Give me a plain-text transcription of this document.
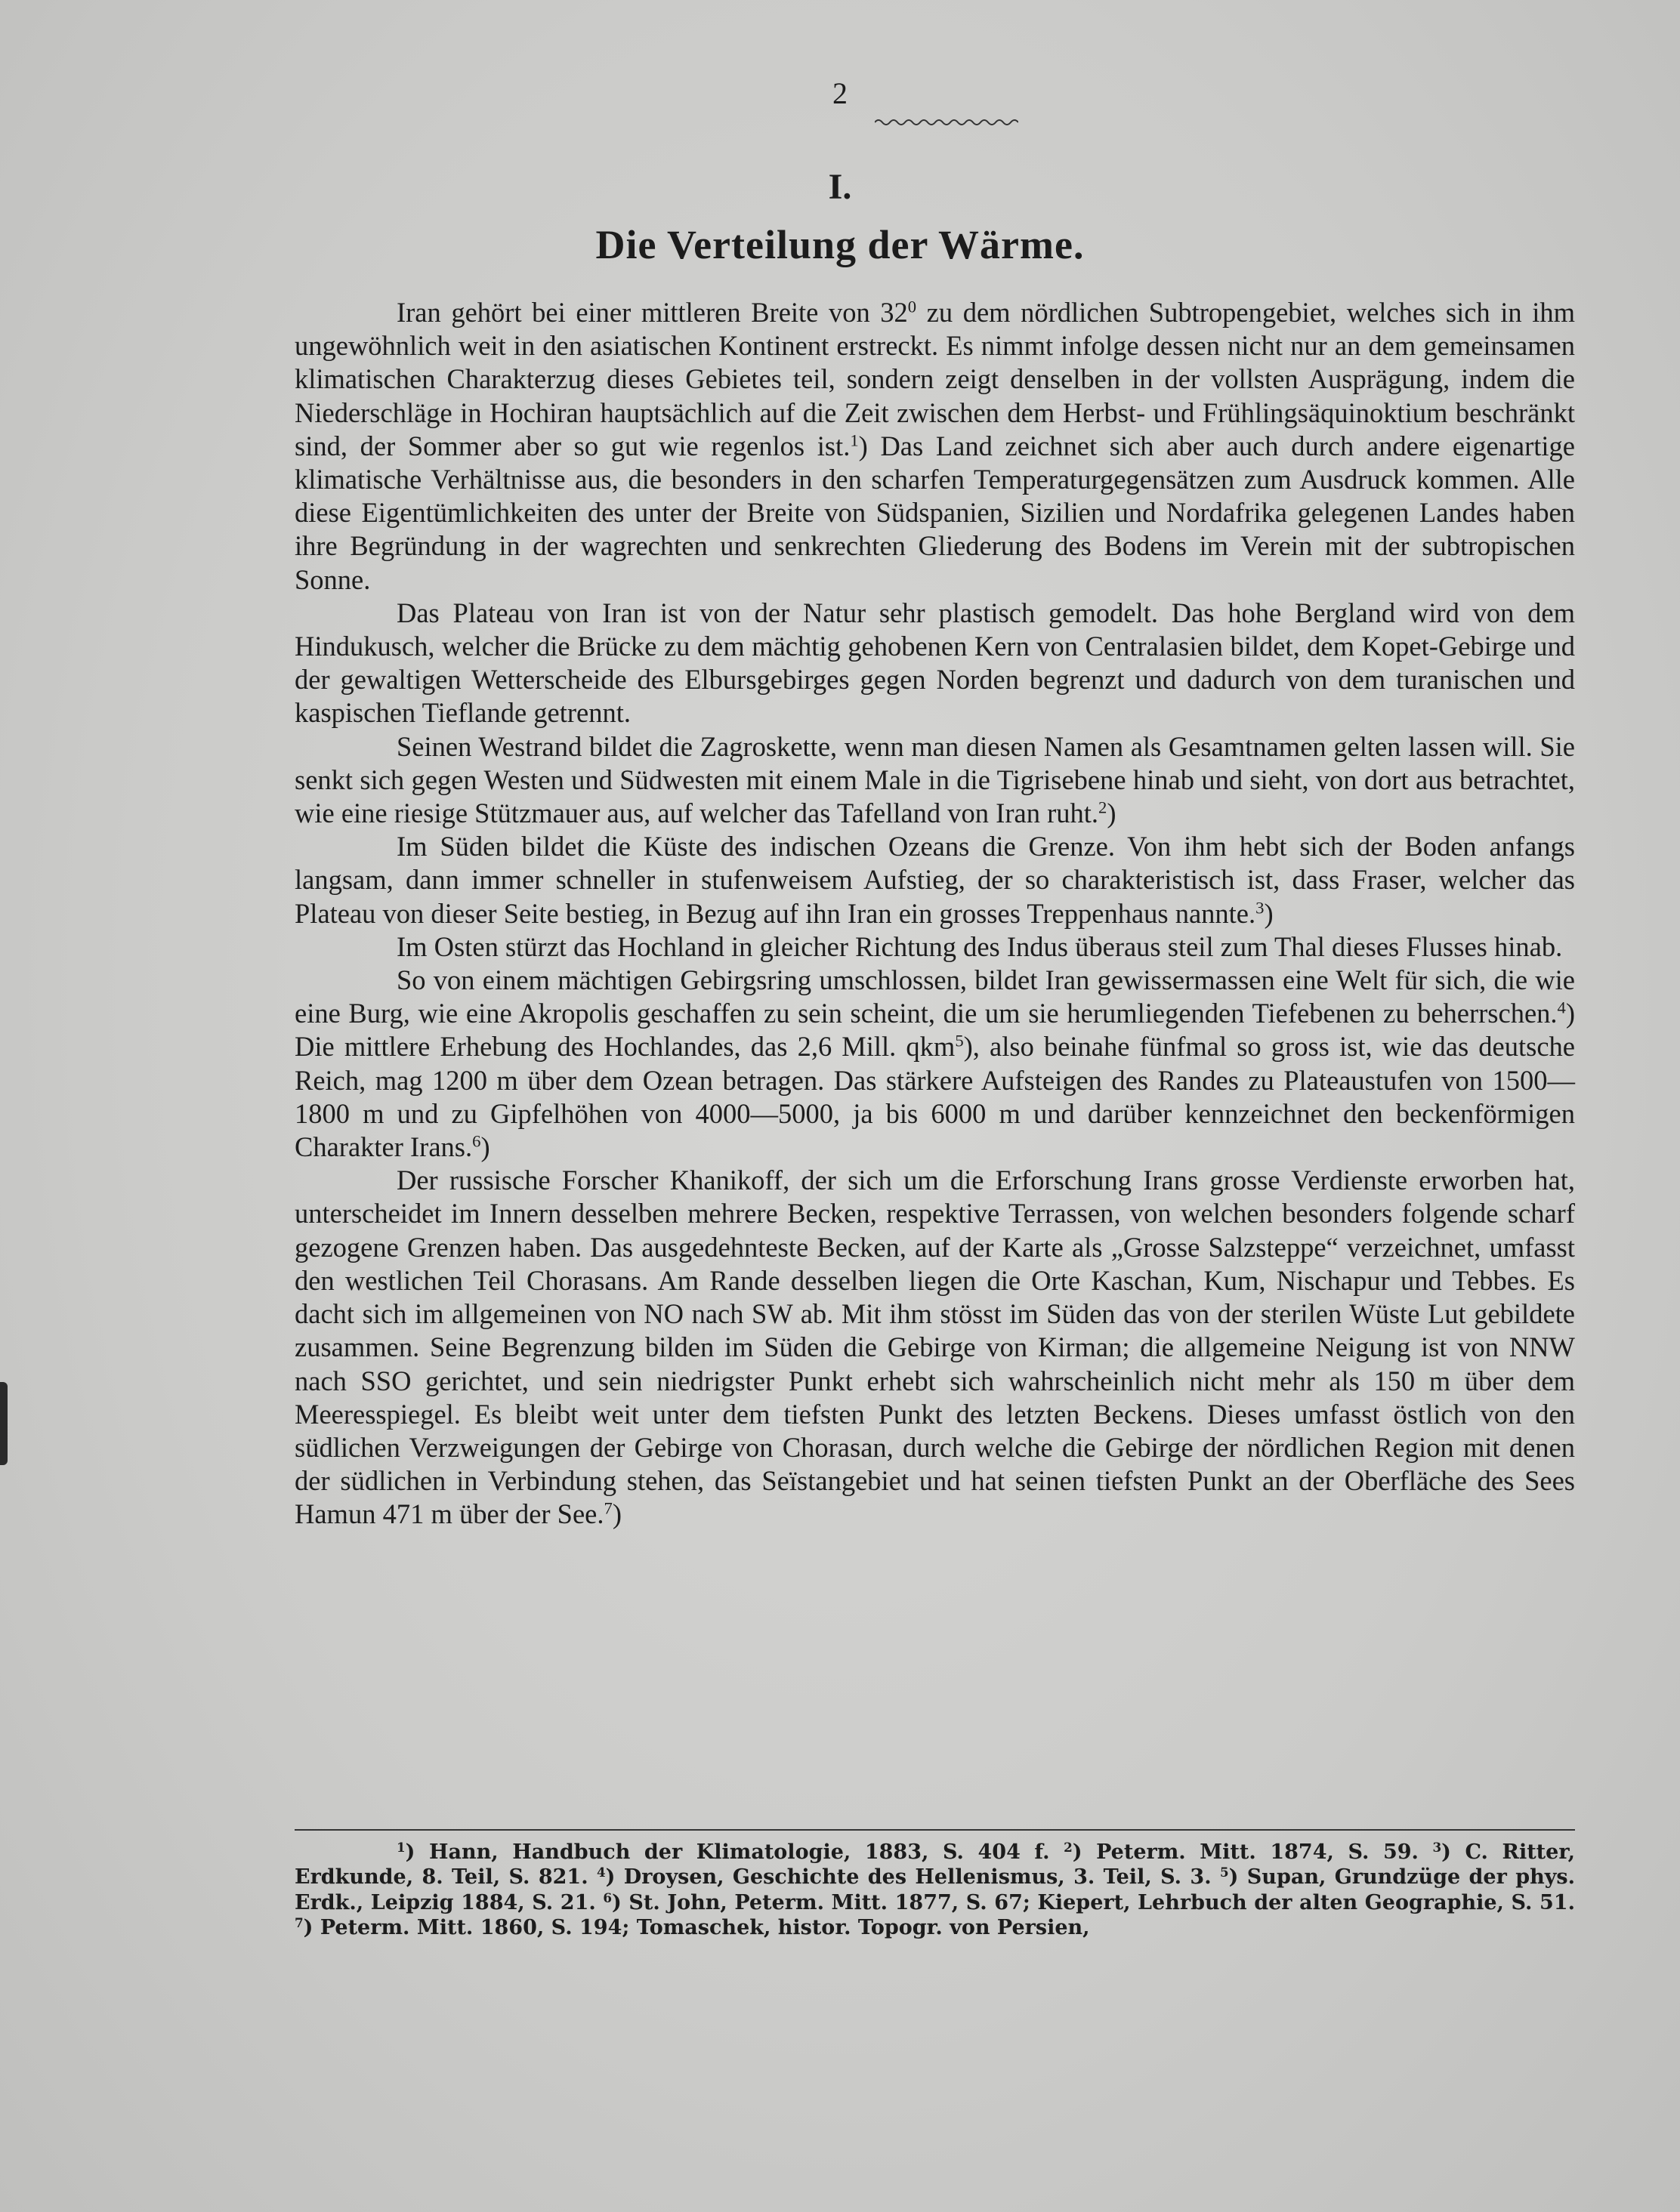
2
I.
Die Verteilung der Wärme.

Iran gehört bei einer mittleren Breite von $32^0$ zu dem nördlichen Subtropengebiet, welches sich in ihm ungewöhnlich weit in den asiatischen Kontinent erstreckt. Es nimmt infolge dessen nicht nur an dem gemeinsamen klimatischen Charakterzug dieses Gebietes teil, sondern zeigt denselben in der vollsten Ausprägung, indem die Niederschläge in Hochiran hauptsächlich auf die Zeit zwischen dem Herbst- und Frühlingsäquinoktium beschränkt sind, der Sommer aber so gut wie regenlos ist.$^1$) Das Land zeichnet sich aber auch durch andere eigenartige klimatische Verhältnisse aus, die besonders in den scharfen Temperaturgegensätzen zum Ausdruck kommen. Alle diese Eigentümlichkeiten des unter der Breite von Südspanien, Sizilien und Nordafrika gelegenen Landes haben ihre Begründung in der wagrechten und senkrechten Gliederung des Bodens im Verein mit der subtropischen Sonne.

Das Plateau von Iran ist von der Natur sehr plastisch gemodelt. Das hohe Bergland wird von dem Hindukusch, welcher die Brücke zu dem mächtig gehobenen Kern von Centralasien bildet, dem Kopet-Gebirge und der gewaltigen Wetterscheide des Elbursgebirges gegen Norden begrenzt und dadurch von dem turanischen und kaspischen Tieflande getrennt.

Seinen Westrand bildet die Zagroskette, wenn man diesen Namen als Gesamtnamen gelten lassen will. Sie senkt sich gegen Westen und Südwesten mit einem Male in die Tigrisebene hinab und sieht, von dort aus betrachtet, wie eine riesige Stützmauer aus, auf welcher das Tafelland von Iran ruht.$^2$)

Im Süden bildet die Küste des indischen Ozeans die Grenze. Von ihm hebt sich der Boden anfangs langsam, dann immer schneller in stufenweisem Aufstieg, der so charakteristisch ist, dass Fraser, welcher das Plateau von dieser Seite bestieg, in Bezug auf ihn Iran ein grosses Treppenhaus nannte.$^3$)

Im Osten stürzt das Hochland in gleicher Richtung des Indus überaus steil zum Thal dieses Flusses hinab.

So von einem mächtigen Gebirgsring umschlossen, bildet Iran gewissermassen eine Welt für sich, die wie eine Burg, wie eine Akropolis geschaffen zu sein scheint, die um sie herumliegenden Tiefebenen zu beherrschen.$^4$) Die mittlere Erhebung des Hochlandes, das 2,6 Mill. qkm$^5$), also beinahe fünfmal so gross ist, wie das deutsche Reich, mag 1200 m über dem Ozean betragen. Das stärkere Aufsteigen des Randes zu Plateaustufen von 1500—1800 m und zu Gipfelhöhen von 4000—5000, ja bis 6000 m und darüber kennzeichnet den beckenförmigen Charakter Irans.$^6$)

Der russische Forscher Khanikoff, der sich um die Erforschung Irans grosse Verdienste erworben hat, unterscheidet im Innern desselben mehrere Becken, respektive Terrassen, von welchen besonders folgende scharf gezogene Grenzen haben. Das ausgedehnteste Becken, auf der Karte als „Grosse Salzsteppe“ verzeichnet, umfasst den westlichen Teil Chorasans. Am Rande desselben liegen die Orte Kaschan, Kum, Nischapur und Tebbes. Es dacht sich im allgemeinen von NO nach SW ab. Mit ihm stösst im Süden das von der sterilen Wüste Lut gebildete zusammen. Seine Begrenzung bilden im Süden die Gebirge von Kirman; die allgemeine Neigung ist von NNW nach SSO gerichtet, und sein niedrigster Punkt erhebt sich wahrscheinlich nicht mehr als 150 m über dem Meeresspiegel. Es bleibt weit unter dem tiefsten Punkt des letzten Beckens. Dieses umfasst östlich von den südlichen Verzweigungen der Gebirge von Chorasan, durch welche die Gebirge der nördlichen Region mit denen der südlichen in Verbindung stehen, das Seïstangebiet und hat seinen tiefsten Punkt an der Oberfläche des Sees Hamun 471 m über der See.$^7$)

$^1$) Hann, Handbuch der Klimatologie, 1883, S. 404 f. $^2$) Peterm. Mitt. 1874, S. 59. $^3$) C. Ritter, Erdkunde, 8. Teil, S. 821. $^4$) Droysen, Geschichte des Hellenismus, 3. Teil, S. 3. $^5$) Supan, Grundzüge der phys. Erdk., Leipzig 1884, S. 21. $^6$) St. John, Peterm. Mitt. 1877, S. 67; Kiepert, Lehrbuch der alten Geographie, S. 51. $^7$) Peterm. Mitt. 1860, S. 194; Tomaschek, histor. Topogr. von Persien,
